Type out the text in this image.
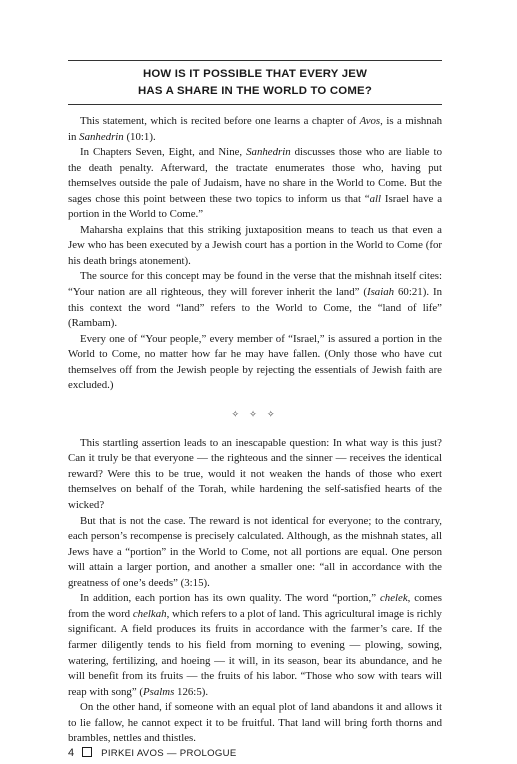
HOW IS IT POSSIBLE THAT EVERY JEW
HAS A SHARE IN THE WORLD TO COME?

This statement, which is recited before one learns a chapter of Avos, is a mishnah in Sanhedrin (10:1).

In Chapters Seven, Eight, and Nine, Sanhedrin discusses those who are liable to the death penalty. Afterward, the tractate enumerates those who, having put themselves outside the pale of Judaism, have no share in the World to Come. But the sages chose this point between these two topics to inform us that “all Israel have a portion in the World to Come.”

Maharsha explains that this striking juxtaposition means to teach us that even a Jew who has been executed by a Jewish court has a portion in the World to Come (for his death brings atonement).

The source for this concept may be found in the verse that the mishnah itself cites: “Your nation are all righteous, they will forever inherit the land” (Isaiah 60:21). In this context the word “land” refers to the World to Come, the “land of life” (Rambam).

Every one of “Your people,” every member of “Israel,” is assured a portion in the World to Come, no matter how far he may have fallen. (Only those who have cut themselves off from the Jewish people by rejecting the essentials of Jewish faith are excluded.)

✧ ✧ ✧

This startling assertion leads to an inescapable question: In what way is this just? Can it truly be that everyone — the righteous and the sinner — receives the identical reward? Were this to be true, would it not weaken the hands of those who exert themselves on behalf of the Torah, while hardening the self-satisfied hearts of the wicked?

But that is not the case. The reward is not identical for everyone; to the contrary, each person’s recompense is precisely calculated. Although, as the mishnah states, all Jews have a “portion” in the World to Come, not all portions are equal. One person will attain a larger portion, and another a smaller one: “all in accordance with the greatness of one’s deeds” (3:15).

In addition, each portion has its own quality. The word “portion,” chelek, comes from the word chelkah, which refers to a plot of land. This agricultural image is richly significant. A field produces its fruits in accordance with the farmer’s care. If the farmer diligently tends to his field from morning to evening — plowing, sowing, watering, fertilizing, and hoeing — it will, in its season, bear its abundance, and he will benefit from its fruits — the fruits of his labor. “Those who sow with tears will reap with song” (Psalms 126:5).

On the other hand, if someone with an equal plot of land abandons it and allows it to lie fallow, he cannot expect it to be fruitful. That land will bring forth thorns and brambles, nettles and thistles.

4	PIRKEI AVOS — PROLOGUE
